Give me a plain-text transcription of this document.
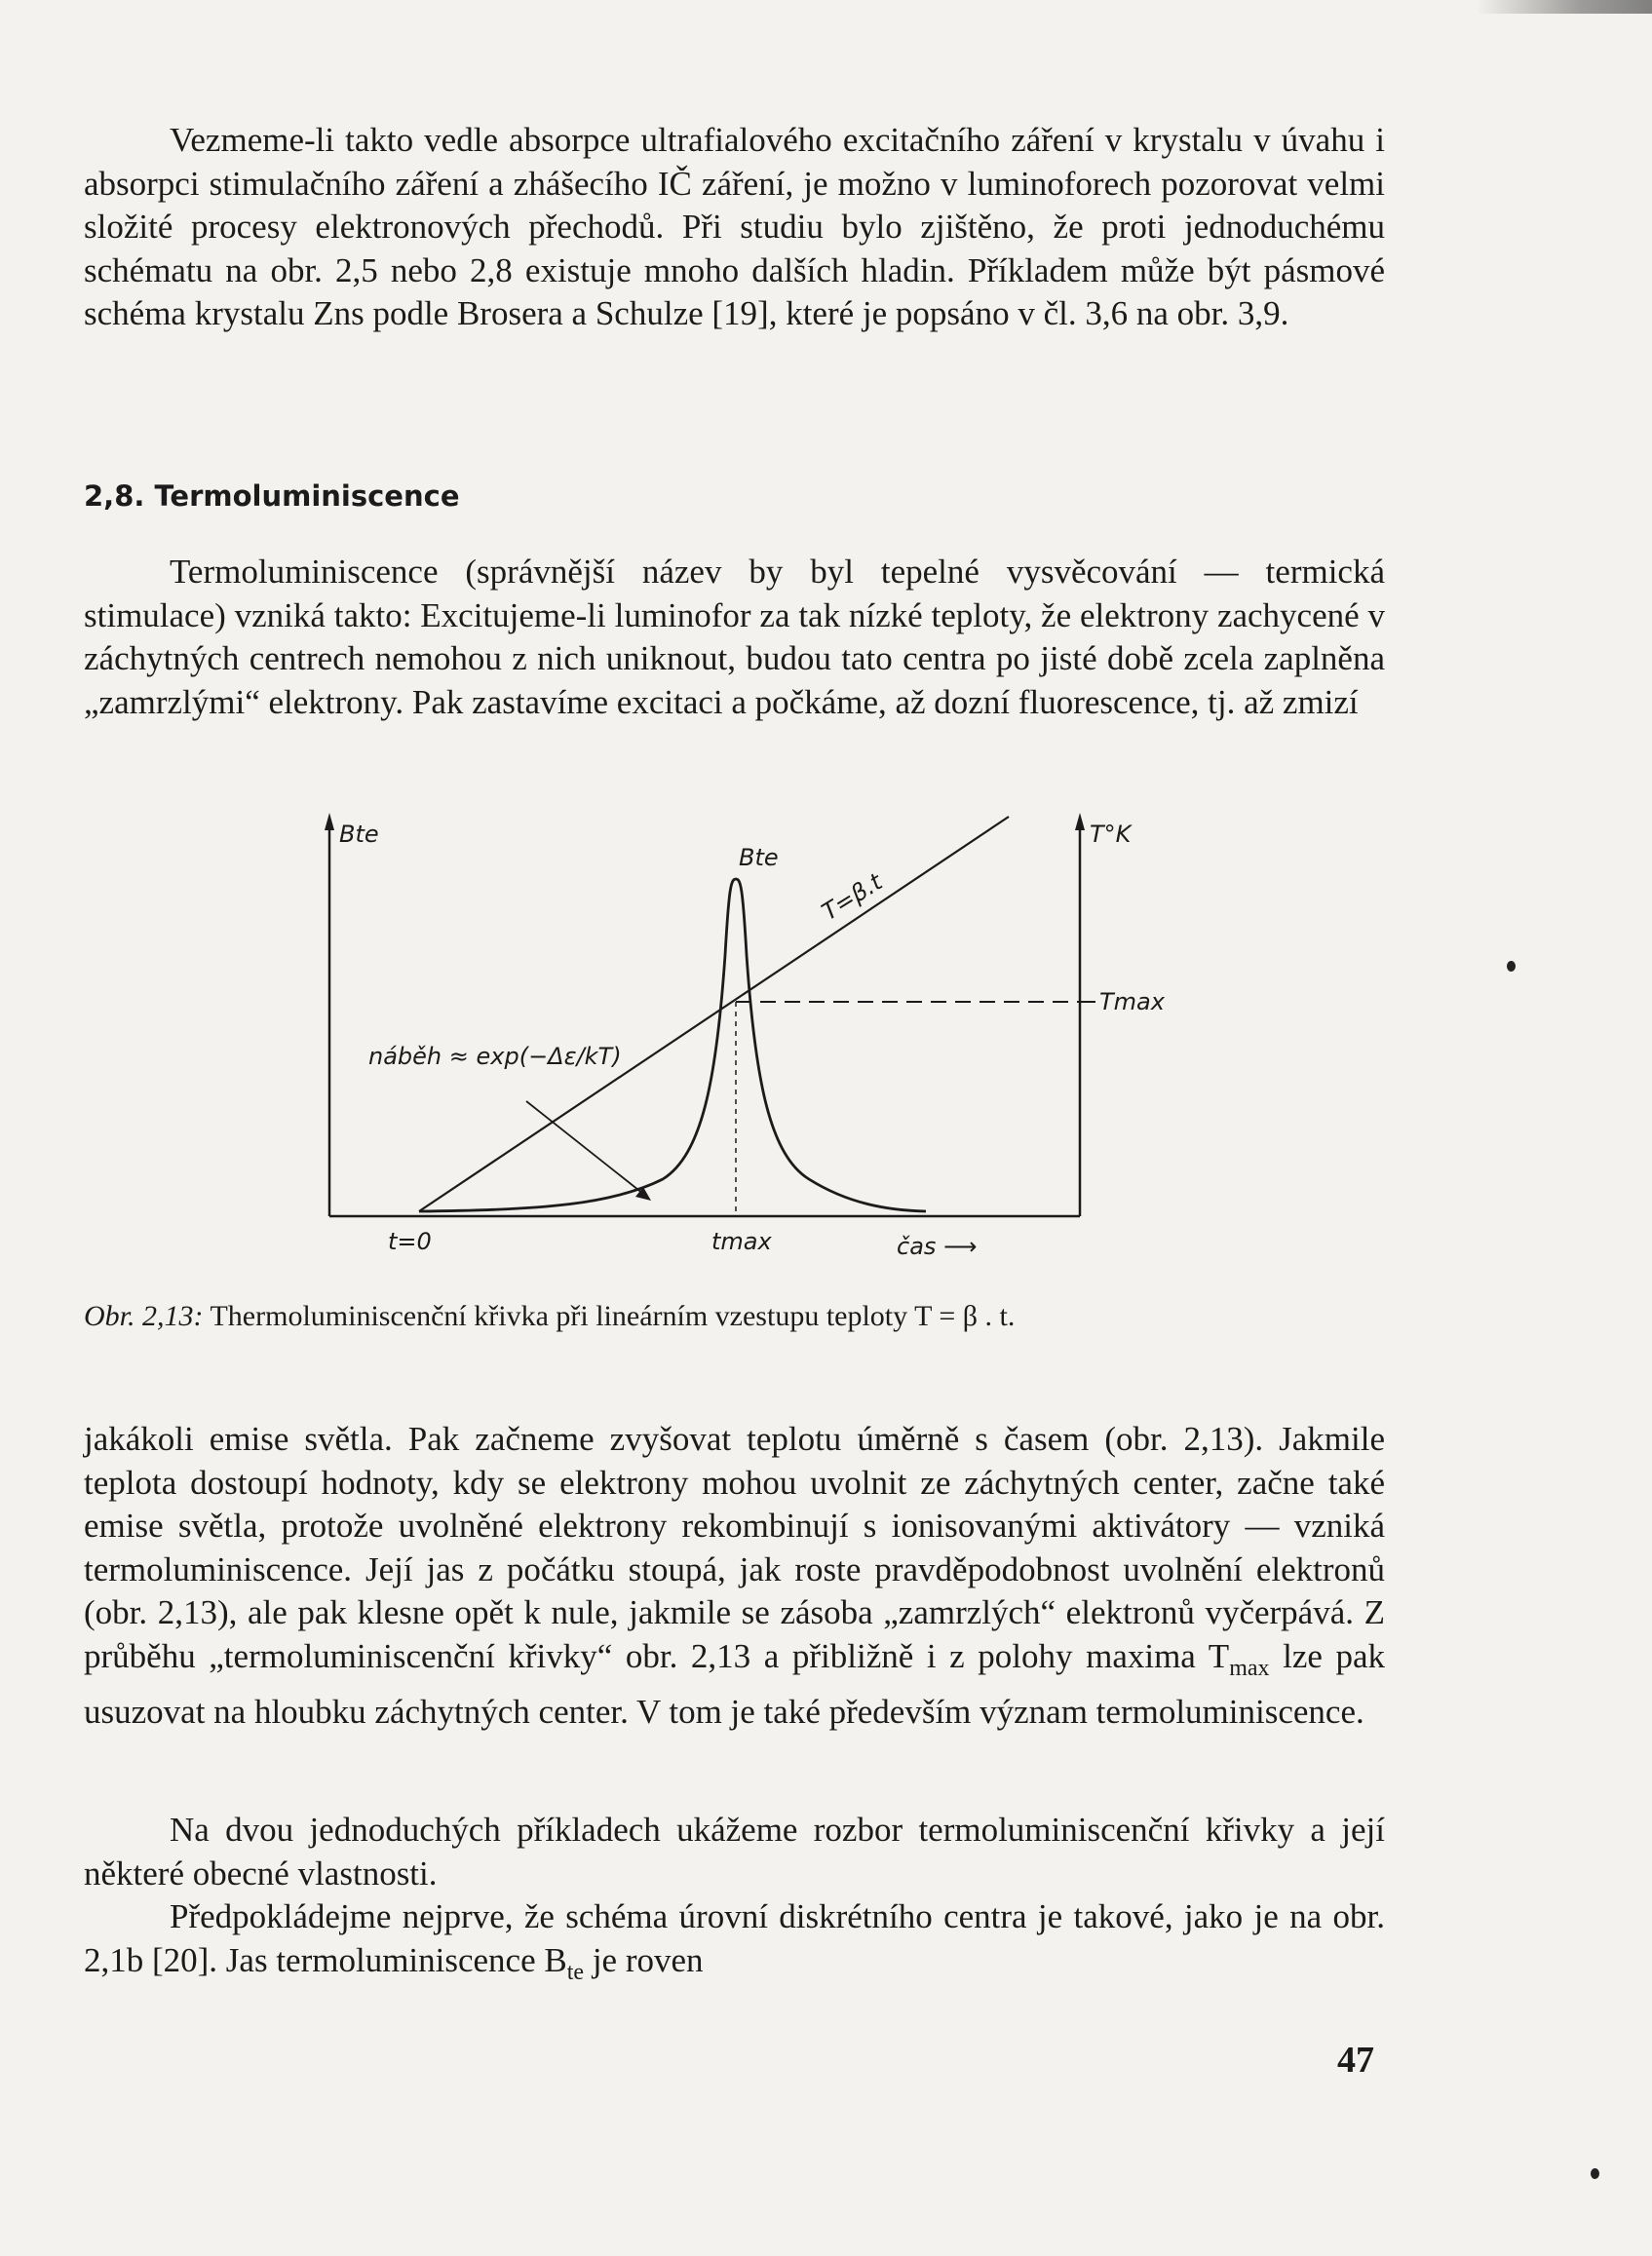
Vezmeme-li takto vedle absorpce ultrafialového excitačního záření v krystalu v úvahu i absorpci stimulačního záření a zhášecího IČ záření, je možno v luminoforech pozorovat velmi složité procesy elektronových přechodů. Při studiu bylo zjištěno, že proti jednoduchému schématu na obr. 2,5 nebo 2,8 existuje mnoho dalších hladin. Příkladem může být pásmové schéma krystalu Zns podle Brosera a Schulze [19], které je popsáno v čl. 3,6 na obr. 3,9.

2,8. Termoluminiscence

Termoluminiscence (správnější název by byl tepelné vysvěcování — termická stimulace) vzniká takto: Excitujeme-li luminofor za tak nízké teploty, že elektrony zachycené v záchytných centrech nemohou z nich uniknout, budou tato centra po jisté době zcela zaplněna „zamrzlými“ elektrony. Pak zastavíme excitaci a počkáme, až dozní fluorescence, tj. až zmizí

Bte	T°K
Bte
T=β.t
Tmax
náběh ≈ exp(−Δε/kT)
t=0	tmax	čas ⟶

Obr. 2,13: Thermoluminiscenční křivka při lineárním vzestupu teploty T = β . t.

jakákoli emise světla. Pak začneme zvyšovat teplotu úměrně s časem (obr. 2,13). Jakmile teplota dostoupí hodnoty, kdy se elektrony mohou uvolnit ze záchytných center, začne také emise světla, protože uvolněné elektrony rekombinují s ionisovanými aktivátory — vzniká termoluminiscence. Její jas z počátku stoupá, jak roste pravděpodobnost uvolnění elektronů (obr. 2,13), ale pak klesne opět k nule, jakmile se zásoba „zamrzlých“ elektronů vyčerpává. Z průběhu „termoluminiscenční křivky“ obr. 2,13 a přibližně i z polohy maxima $T_{max}$ lze pak usuzovat na hloubku záchytných center. V tom je také především význam termoluminiscence.

Na dvou jednoduchých příkladech ukážeme rozbor termoluminiscenční křivky a její některé obecné vlastnosti.

Předpokládejme nejprve, že schéma úrovní diskrétního centra je takové, jako je na obr. 2,1b [20]. Jas termoluminiscence $B_{te}$ je roven

47
